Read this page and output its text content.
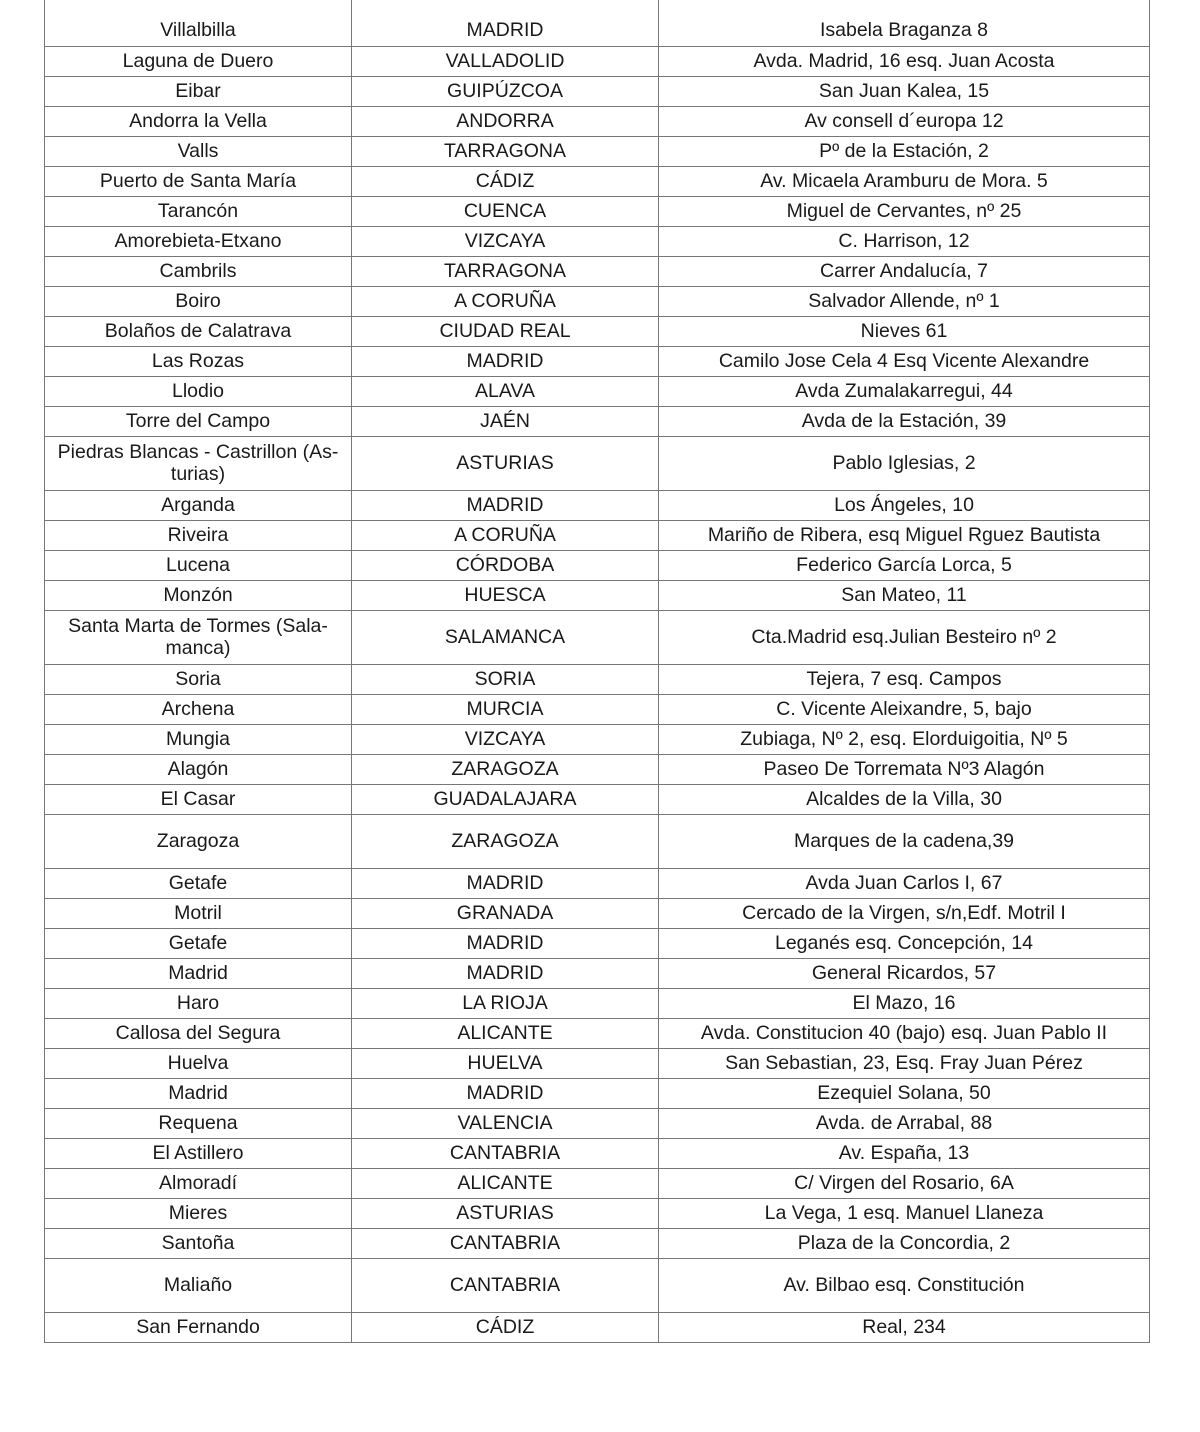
Villalbilla	MADRID	Isabela Braganza 8
Laguna de Duero	VALLADOLID	Avda. Madrid, 16 esq. Juan Acosta
Eibar	GUIPÚZCOA	San Juan Kalea, 15
Andorra la Vella	ANDORRA	Av consell d´europa 12
Valls	TARRAGONA	Pº de la Estación, 2
Puerto de Santa María	CÁDIZ	Av. Micaela Aramburu de Mora. 5
Tarancón	CUENCA	Miguel de Cervantes, nº 25
Amorebieta-Etxano	VIZCAYA	C. Harrison, 12
Cambrils	TARRAGONA	Carrer Andalucía, 7
Boiro	A CORUÑA	Salvador Allende, nº 1
Bolaños de Calatrava	CIUDAD REAL	Nieves 61
Las Rozas	MADRID	Camilo Jose Cela 4 Esq Vicente Alexandre
Llodio	ALAVA	Avda Zumalakarregui, 44
Torre del Campo	JAÉN	Avda de la Estación, 39
Piedras Blancas - Castrillon (As-turias)	ASTURIAS	Pablo Iglesias, 2
Arganda	MADRID	Los Ángeles, 10
Riveira	A CORUÑA	Mariño de Ribera, esq Miguel Rguez Bautista
Lucena	CÓRDOBA	Federico García Lorca, 5
Monzón	HUESCA	San Mateo, 11
Santa Marta de Tormes (Sala-manca)	SALAMANCA	Cta.Madrid esq.Julian Besteiro nº 2
Soria	SORIA	Tejera, 7 esq. Campos
Archena	MURCIA	C. Vicente Aleixandre, 5, bajo
Mungia	VIZCAYA	Zubiaga, Nº 2, esq. Elorduigoitia, Nº 5
Alagón	ZARAGOZA	Paseo De Torremata Nº3 Alagón
El Casar	GUADALAJARA	Alcaldes de la Villa, 30
Zaragoza	ZARAGOZA	Marques de la cadena,39
Getafe	MADRID	Avda Juan Carlos I, 67
Motril	GRANADA	Cercado de la Virgen, s/n,Edf. Motril I
Getafe	MADRID	Leganés esq. Concepción, 14
Madrid	MADRID	General Ricardos, 57
Haro	LA RIOJA	El Mazo, 16
Callosa del Segura	ALICANTE	Avda. Constitucion 40 (bajo) esq. Juan Pablo II
Huelva	HUELVA	San Sebastian, 23, Esq. Fray Juan Pérez
Madrid	MADRID	Ezequiel Solana, 50
Requena	VALENCIA	Avda. de Arrabal, 88
El Astillero	CANTABRIA	Av. España, 13
Almoradí	ALICANTE	C/ Virgen del Rosario, 6A
Mieres	ASTURIAS	La Vega, 1 esq. Manuel Llaneza
Santoña	CANTABRIA	Plaza de la Concordia, 2
Maliaño	CANTABRIA	Av. Bilbao esq. Constitución
San Fernando	CÁDIZ	Real, 234
